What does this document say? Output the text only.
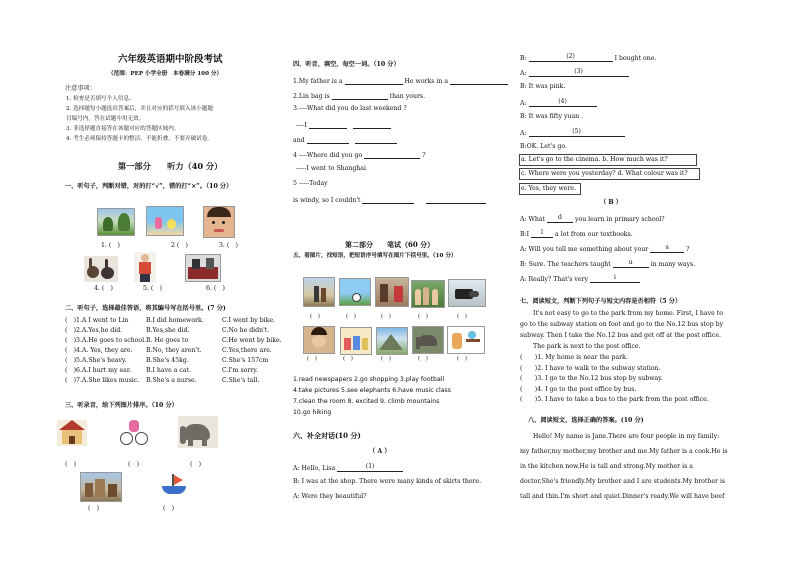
六年级英语期中阶段考试
（范围：PEP 小学全册　本卷满分 100 分）
注意事项：
1. 检查是否填写个人信息。
2. 选择题每小题选出答案后，并且对应的括号填入该小题题
目编号内。答在试题中用无效。
3. 非选择题直接答在该题对应的答题区域内。
4. 考生必须保持答题卡的整洁。不能折叠，不要弄破试卷。
第一部分　　听力（40 分）
一、听句子，判断对错，对的打“√”，错的打“×”。（10 分）
1. (　)	2 (　)	3. (　)
4. (　)	5. (　)	6. (　)
二、听句子，选择最佳答语，将其编号写在括号里。(7 分)
(　)1.A I went to Lin	B.I did homework.	C.I went by bike.
(　)2.A.Yes,he did.	B.Yes,she did.	C.No he didn't.
(　)3.A.He goes to school. B. He goes to	C.He went by bike.
(　)4.A. Yes, they are. B.No, they aren't.	C.Yes,there are.
(　)5.A.She's heavy.	B.She's 45kg.	C.She's 157cm
(　)6.A.I hurt my ear. B.I have a cat.	C.I'm sorry.
(　)7.A.She likes music. B.She's a nurse.	C.She's tall.
三、听录音，给下列图片排序。（10 分）
(　)	(　)	(　)
(　)	(　)
四、听音，填空，每空一词。（10 分）
1.My father is a	He works in a
2.Lin bag is	than yours.
3.----What did you do last weekend ?
----I
and
4 ----Where did you go	?
-----I went to Shanghai
5 -----Today
is windy, so I couldn't
第二部分　　笔试（60 分）
五、看图片，找短语，把短语序号填写在图片下括号里。（10 分）
(　)	(　)	(　)	(　)	(　)
(　)	(　)	(　)	(　)	(　)
1.read newspapers 2.go shopping 3.play football
4.take pictures 5.see elephants 6.have music class
7.clean the room 8. excited 9. climb mountains
10.go hiking
六、补全对话(10 分)
（ A ）
A: Hello, Lisa	(1)
B: I was at the shop. There were many kinds of skirts there.
A: Were they beautiful?
B:	(2)	I bought one.
A:	(3)
B: It was pink.
A:	(4)
B: It was fifty yuan .
A:	(5)
B:OK. Let's go.
a. Let's go to the cinema. b. How much was it?
c. Where were you yesterday? d. What colour was it?
e. Yes, they were.
（ B ）
A: What d you learn in primary school?
B:I l a lot from our textbooks.
A: Will you tell me something about your	s	?
B: Sure. The teachers taught	u	in many ways.
A: Really? That's very	i
七、阅读短文，判断下列句子与短文内容是否相符（5 分）
It's not easy to go to the park from my home. First, I have to
go to the subway station on foot and go to the No.12 bus stop by
subway. Then I take the No.12 bus and get off at the post office.
The park is next to the post office.
(　　)1. My home is near the park.
(　　)2. I have to walk to the subway station.
(　　)3. I go to the No.12 bus stop by subway.
(　　)4. I go to the post office by bus.
(　　)5. I have to take a bus to the park from the post office.
八、阅读短文，选择正确的答案。(10 分)
Hello! My name is Jane.There are four people in my family:
my father,my mother,my brother and me.My father is a cook.He is
in the kitchen now.He is tall and strong.My mother is a
doctor.She's friendly.My brother and I are students.My brother is
tall and thin.I'm short and quiet.Dinner's ready.We will have beef
